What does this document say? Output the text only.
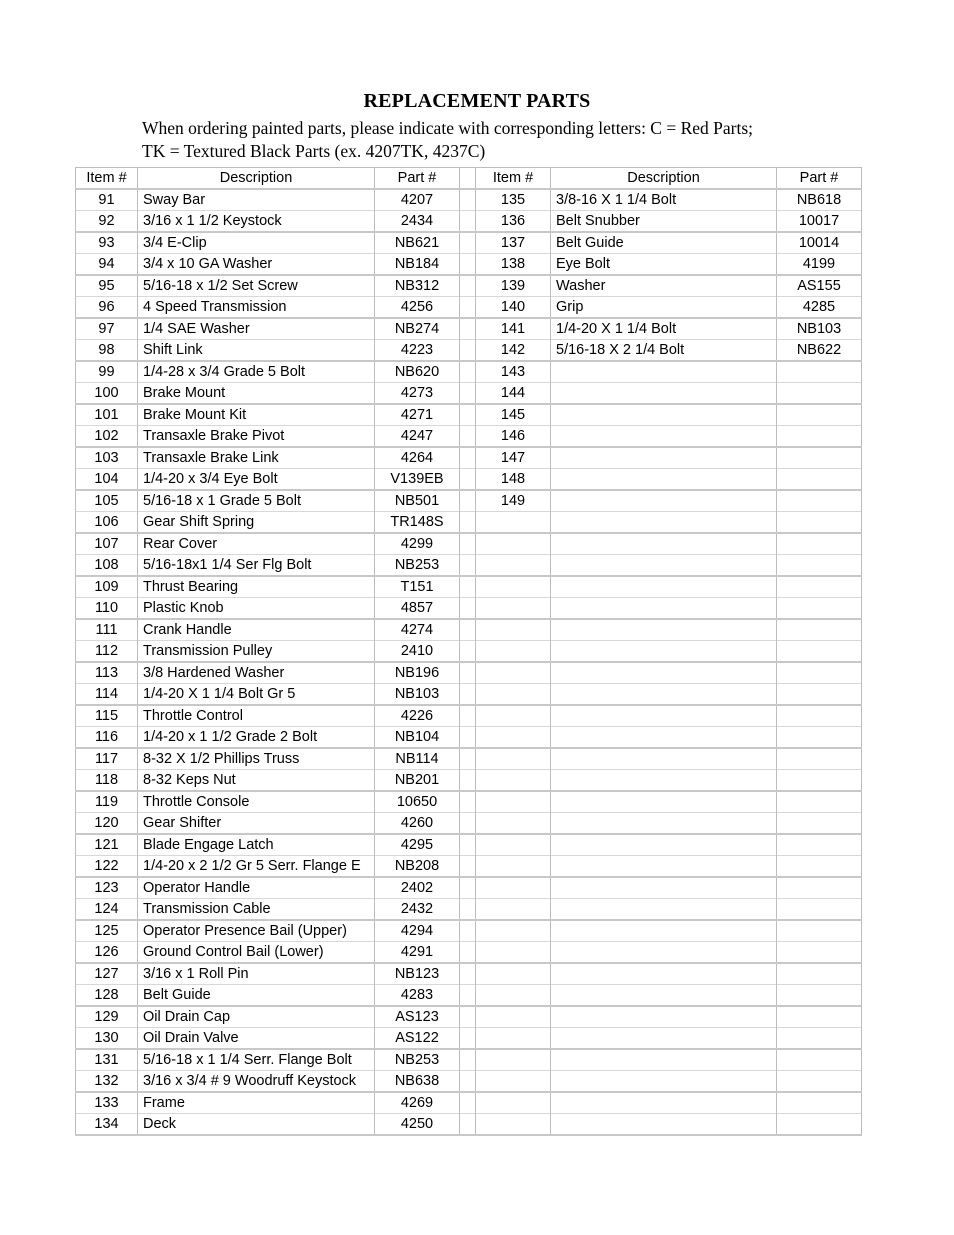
REPLACEMENT PARTS
When ordering painted parts, please indicate with corresponding letters: C = Red Parts;
TK = Textured Black Parts (ex. 4207TK, 4237C)
Item #	Description	Part #		Item #	Description	Part #
91	Sway Bar	4207		135	3/8-16 X 1 1/4 Bolt	NB618
92	3/16 x 1 1/2 Keystock	2434		136	Belt Snubber	10017
93	3/4 E-Clip	NB621		137	Belt Guide	10014
94	3/4 x 10 GA Washer	NB184		138	Eye Bolt	4199
95	5/16-18 x 1/2 Set Screw	NB312		139	Washer	AS155
96	4 Speed Transmission	4256		140	Grip	4285
97	1/4 SAE Washer	NB274		141	1/4-20 X 1 1/4 Bolt	NB103
98	Shift Link	4223		142	5/16-18 X 2 1/4 Bolt	NB622
99	1/4-28 x 3/4 Grade 5 Bolt	NB620		143		
100	Brake Mount	4273		144		
101	Brake Mount Kit	4271		145		
102	Transaxle Brake Pivot	4247		146		
103	Transaxle Brake Link	4264		147		
104	1/4-20 x 3/4 Eye Bolt	V139EB		148		
105	5/16-18 x 1 Grade 5 Bolt	NB501		149		
106	Gear Shift Spring	TR148S				
107	Rear Cover	4299				
108	5/16-18x1 1/4 Ser Flg Bolt	NB253				
109	Thrust Bearing	T151				
110	Plastic Knob	4857				
111	Crank Handle	4274				
112	Transmission Pulley	2410				
113	3/8 Hardened Washer	NB196				
114	1/4-20 X 1 1/4 Bolt Gr 5	NB103				
115	Throttle Control	4226				
116	1/4-20 x 1 1/2 Grade 2 Bolt	NB104				
117	8-32 X 1/2 Phillips Truss	NB114				
118	8-32 Keps Nut	NB201				
119	Throttle Console	10650				
120	Gear Shifter	4260				
121	Blade Engage Latch	4295				
122	1/4-20 x 2 1/2 Gr 5 Serr. Flange E	NB208				
123	Operator Handle	2402				
124	Transmission Cable	2432				
125	Operator Presence Bail (Upper)	4294				
126	Ground Control Bail (Lower)	4291				
127	3/16 x 1 Roll Pin	NB123				
128	Belt Guide	4283				
129	Oil Drain Cap	AS123				
130	Oil Drain Valve	AS122				
131	5/16-18 x 1 1/4 Serr. Flange Bolt	NB253				
132	3/16 x 3/4 # 9 Woodruff Keystock	NB638				
133	Frame	4269				
134	Deck	4250				
